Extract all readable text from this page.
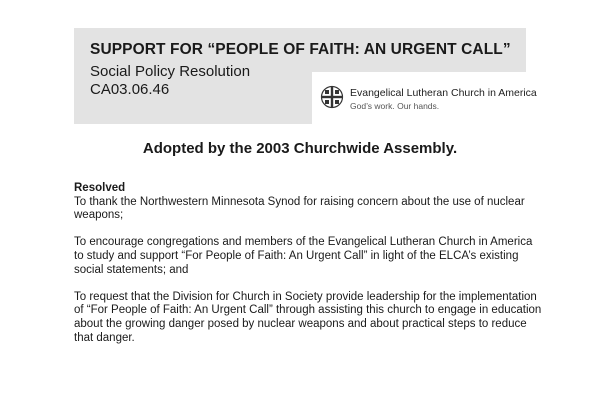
SUPPORT FOR “PEOPLE OF FAITH: AN URGENT CALL”
Social Policy Resolution
CA03.06.46	Evangelical Lutheran Church in America
God’s work. Our hands.
Adopted by the 2003 Churchwide Assembly.
Resolved

To thank the Northwestern Minnesota Synod for raising concern about the use of nuclear weapons;

To encourage congregations and members of the Evangelical Lutheran Church in America to study and support “For People of Faith: An Urgent Call” in light of the ELCA’s existing social statements; and

To request that the Division for Church in Society provide leadership for the implementation of “For People of Faith: An Urgent Call” through assisting this church to engage in education about the growing danger posed by nuclear weapons and about practical steps to reduce that danger.
